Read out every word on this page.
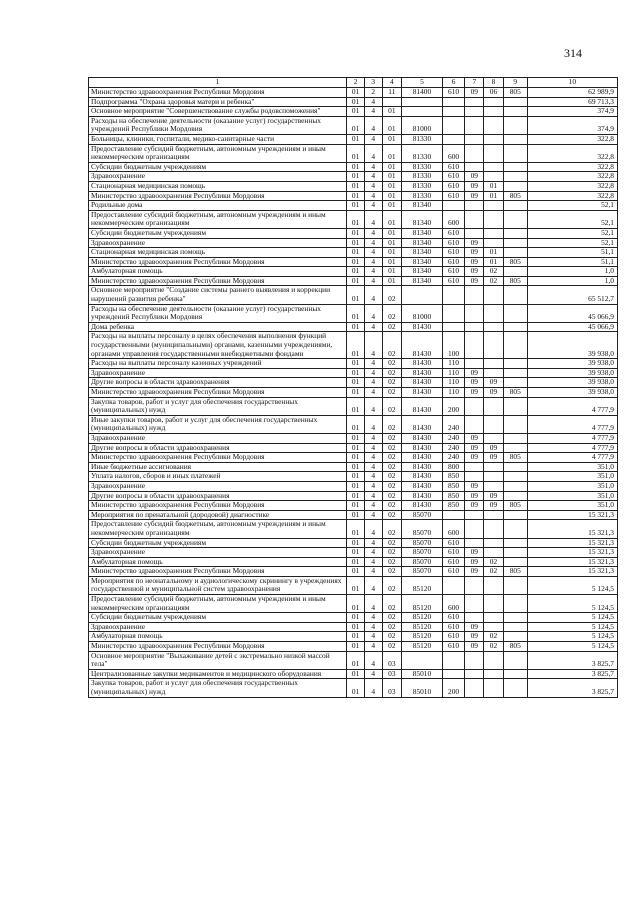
314
1	2	3	4	5	6	7	8	9	10
Министерство здравоохранения Республики Мордовия	01	2	11	81400	610	09	06	805	62 989,9
Подпрограмма "Охрана здоровья матери и ребенка"	01	4							69 713,3
Основное мероприятие "Совершенствование службы родовспоможения"	01	4	01						374,9
Расходы на обеспечение деятельности (оказание услуг) государственных учреждений Республики Мордовия	01	4	01	81000					374,9
Больницы, клиники, госпитали, медико-санитарные части	01	4	01	81330					322,8
Предоставление субсидий бюджетным, автономным учреждениям и иным некоммерческим организациям	01	4	01	81330	600				322,8
Субсидии бюджетным учреждениям	01	4	01	81330	610				322,8
Здравоохранение	01	4	01	81330	610	09			322,8
Стационарная медицинская помощь	01	4	01	81330	610	09	01		322,8
Министерство здравоохранения Республики Мордовия	01	4	01	81330	610	09	01	805	322,8
Родильные дома	01	4	01	81340					52,1
Предоставление субсидий бюджетным, автономным учреждениям и иным некоммерческим организациям	01	4	01	81340	600				52,1
Субсидии бюджетным учреждениям	01	4	01	81340	610				52,1
Здравоохранение	01	4	01	81340	610	09			52,1
Стационарная медицинская помощь	01	4	01	81340	610	09	01		51,1
Министерство здравоохранения Республики Мордовия	01	4	01	81340	610	09	01	805	51,1
Амбулаторная помощь	01	4	01	81340	610	09	02		1,0
Министерство здравоохранения Республики Мордовия	01	4	01	81340	610	09	02	805	1,0
Основное мероприятие "Создание системы раннего выявления и коррекции нарушений развития ребенка"	01	4	02						65 512,7
Расходы на обеспечение деятельности (оказание услуг) государственных учреждений Республики Мордовия	01	4	02	81000					45 066,9
Дома ребенка	01	4	02	81430					45 066,9
Расходы на выплаты персоналу в целях обеспечения выполнения функций государственными (муниципальными) органами, казенными учреждениями, органами управления государственными внебюджетными фондами	01	4	02	81430	100				39 938,0
Расходы на выплаты персоналу казенных учреждений	01	4	02	81430	110				39 938,0
Здравоохранение	01	4	02	81430	110	09			39 938,0
Другие вопросы в области здравоохранения	01	4	02	81430	110	09	09		39 938,0
Министерство здравоохранения Республики Мордовия	01	4	02	81430	110	09	09	805	39 938,0
Закупка товаров, работ и услуг для обеспечения государственных (муниципальных) нужд	01	4	02	81430	200				4 777,9
Иные закупки товаров, работ и услуг для обеспечения государственных (муниципальных) нужд	01	4	02	81430	240				4 777,9
Здравоохранение	01	4	02	81430	240	09			4 777,9
Другие вопросы в области здравоохранения	01	4	02	81430	240	09	09		4 777,9
Министерство здравоохранения Республики Мордовия	01	4	02	81430	240	09	09	805	4 777,9
Иные бюджетные ассигнования	01	4	02	81430	800				351,0
Уплата налогов, сборов и иных платежей	01	4	02	81430	850				351,0
Здравоохранение	01	4	02	81430	850	09			351,0
Другие вопросы в области здравоохранения	01	4	02	81430	850	09	09		351,0
Министерство здравоохранения Республики Мордовия	01	4	02	81430	850	09	09	805	351,0
Мероприятия по пренатальной (дородовой) диагностике	01	4	02	85070					15 321,3
Предоставление субсидий бюджетным, автономным учреждениям и иным некоммерческим организациям	01	4	02	85070	600				15 321,3
Субсидии бюджетным учреждениям	01	4	02	85070	610				15 321,3
Здравоохранение	01	4	02	85070	610	09			15 321,3
Амбулаторная помощь	01	4	02	85070	610	09	02		15 321,3
Министерство здравоохранения Республики Мордовия	01	4	02	85070	610	09	02	805	15 321,3
Мероприятия по неонатальному и аудиологическому скринингу в учреждениях государственной и муниципальной систем здравоохранения	01	4	02	85120					5 124,5
Предоставление субсидий бюджетным, автономным учреждениям и иным некоммерческим организациям	01	4	02	85120	600				5 124,5
Субсидии бюджетным учреждениям	01	4	02	85120	610				5 124,5
Здравоохранение	01	4	02	85120	610	09			5 124,5
Амбулаторная помощь	01	4	02	85120	610	09	02		5 124,5
Министерство здравоохранения Республики Мордовия	01	4	02	85120	610	09	02	805	5 124,5
Основное мероприятие "Выхаживание детей с экстремально низкой массой тела"	01	4	03						3 825,7
Централизованные закупки медикаментов и медицинского оборудования	01	4	03	85010					3 825,7
Закупка товаров, работ и услуг для обеспечения государственных (муниципальных) нужд	01	4	03	85010	200				3 825,7
